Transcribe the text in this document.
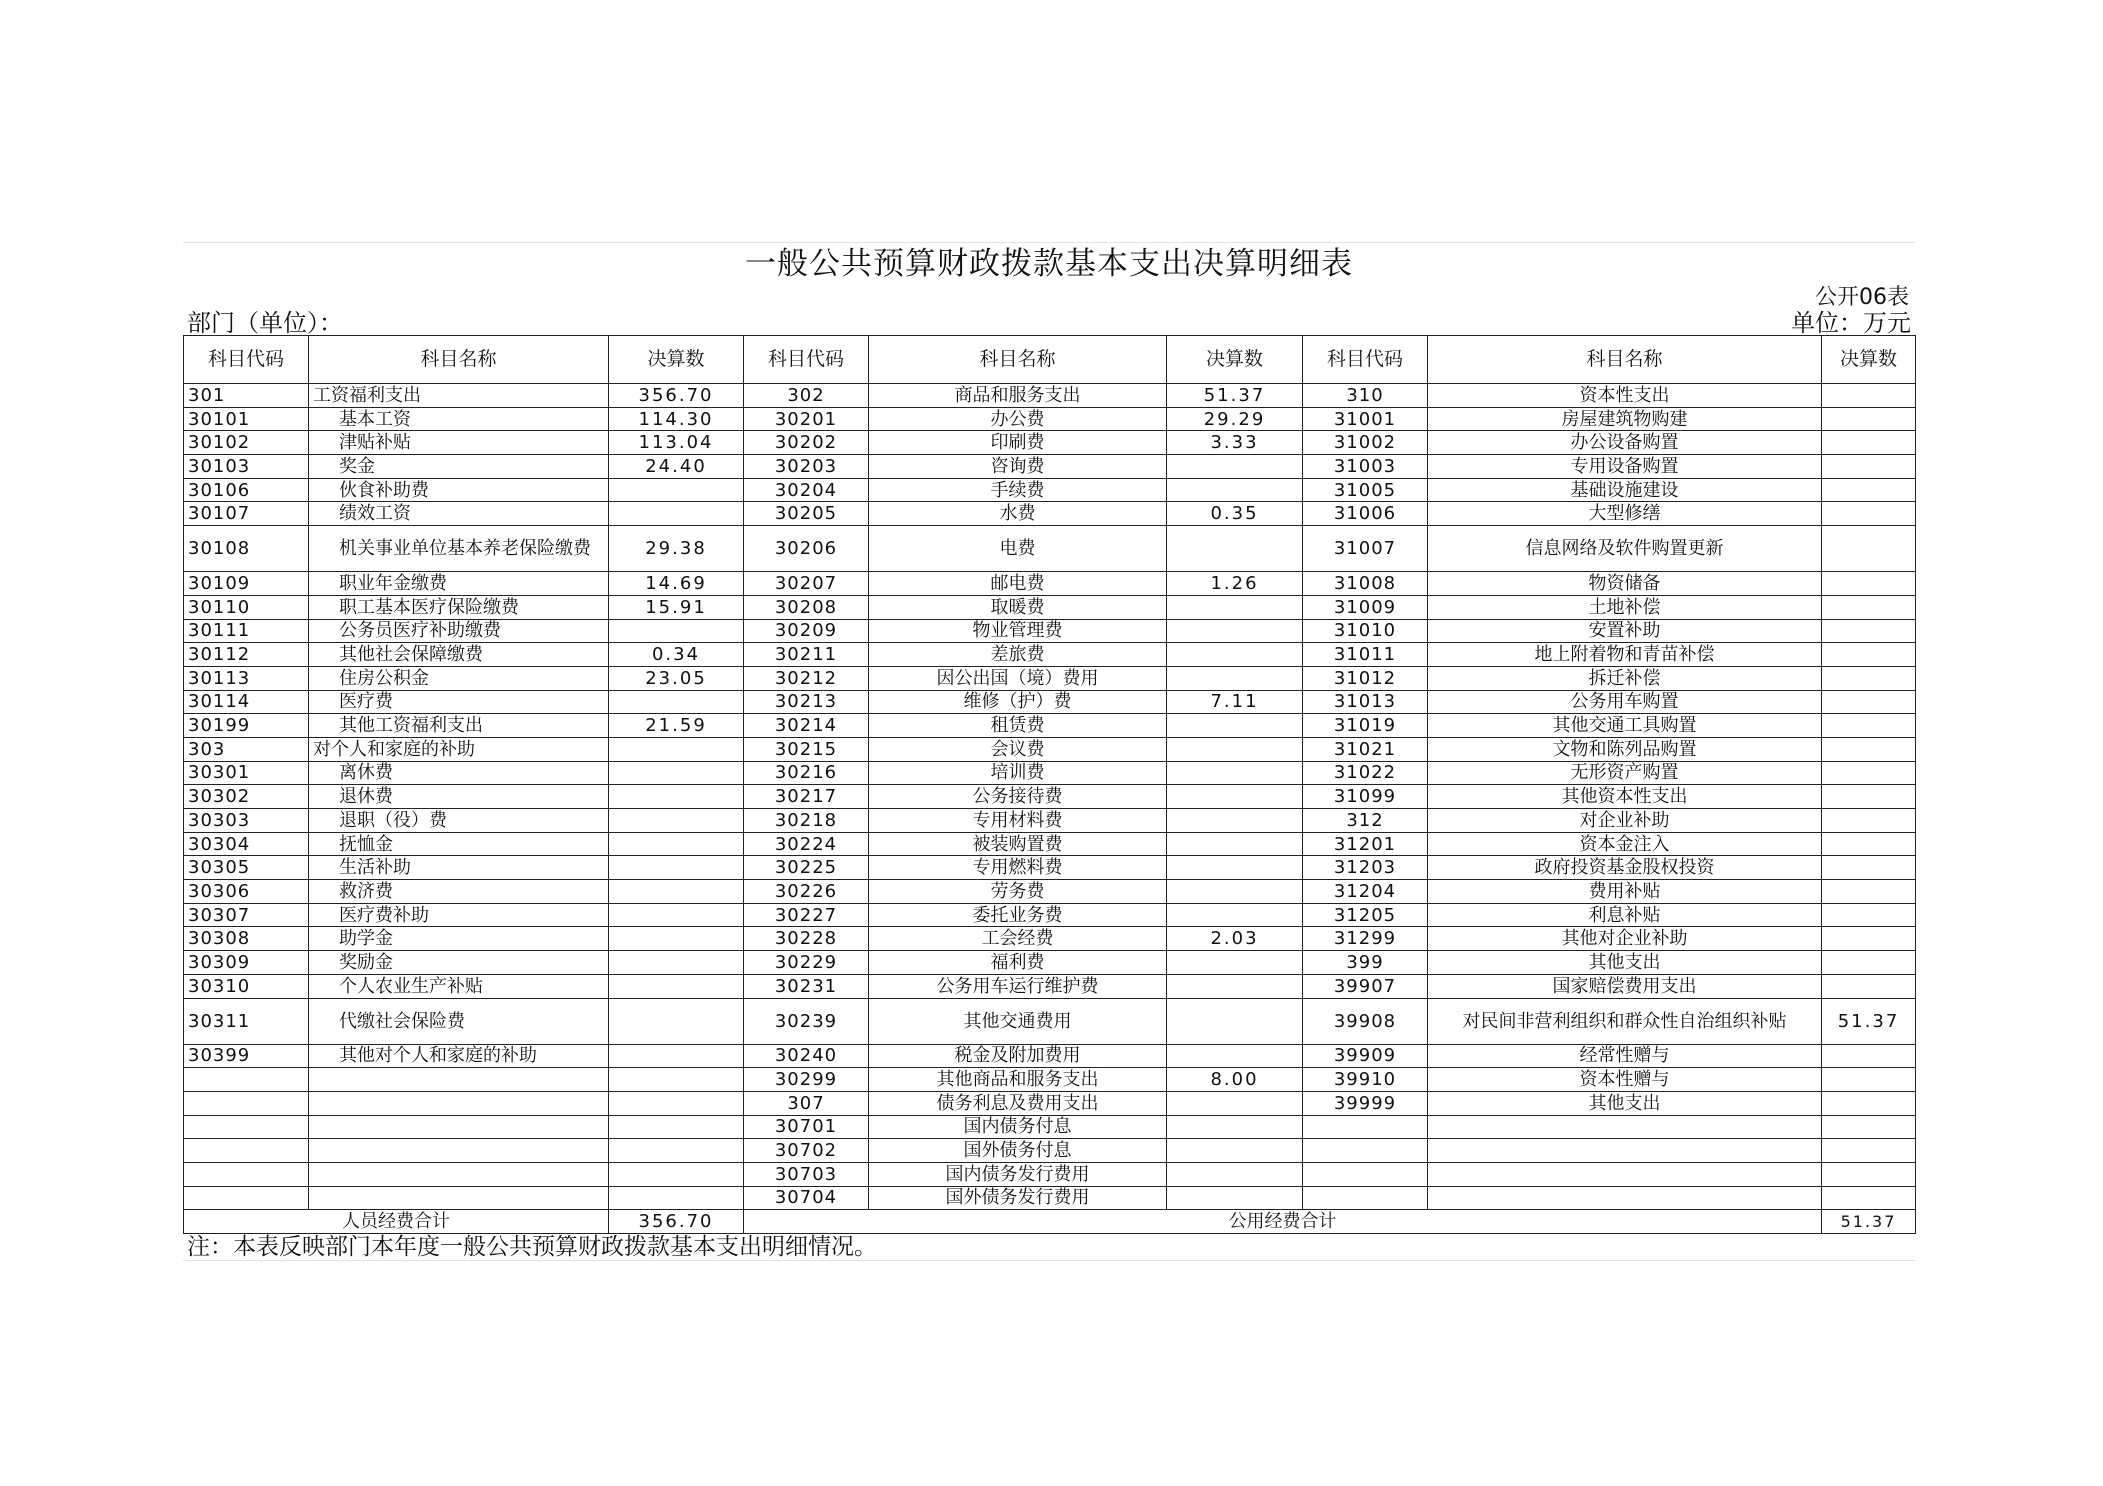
一般公共预算财政拨款基本支出决算明细表
公开06表
部门（单位）：	单位：万元
科目代码	科目名称	决算数	科目代码	科目名称	决算数	科目代码	科目名称	决算数
301	工资福利支出	356.70	302	商品和服务支出	51.37	310	资本性支出	
30101	基本工资	114.30	30201	办公费	29.29	31001	房屋建筑物购建	
30102	津贴补贴	113.04	30202	印刷费	3.33	31002	办公设备购置	
30103	奖金	24.40	30203	咨询费		31003	专用设备购置	
30106	伙食补助费		30204	手续费		31005	基础设施建设	
30107	绩效工资		30205	水费	0.35	31006	大型修缮	
30108	机关事业单位基本养老保险缴费	29.38	30206	电费		31007	信息网络及软件购置更新	
30109	职业年金缴费	14.69	30207	邮电费	1.26	31008	物资储备	
30110	职工基本医疗保险缴费	15.91	30208	取暖费		31009	土地补偿	
30111	公务员医疗补助缴费		30209	物业管理费		31010	安置补助	
30112	其他社会保障缴费	0.34	30211	差旅费		31011	地上附着物和青苗补偿	
30113	住房公积金	23.05	30212	因公出国（境）费用		31012	拆迁补偿	
30114	医疗费		30213	维修（护）费	7.11	31013	公务用车购置	
30199	其他工资福利支出	21.59	30214	租赁费		31019	其他交通工具购置	
303	对个人和家庭的补助		30215	会议费		31021	文物和陈列品购置	
30301	离休费		30216	培训费		31022	无形资产购置	
30302	退休费		30217	公务接待费		31099	其他资本性支出	
30303	退职（役）费		30218	专用材料费		312	对企业补助	
30304	抚恤金		30224	被装购置费		31201	资本金注入	
30305	生活补助		30225	专用燃料费		31203	政府投资基金股权投资	
30306	救济费		30226	劳务费		31204	费用补贴	
30307	医疗费补助		30227	委托业务费		31205	利息补贴	
30308	助学金		30228	工会经费	2.03	31299	其他对企业补助	
30309	奖励金		30229	福利费		399	其他支出	
30310	个人农业生产补贴		30231	公务用车运行维护费		39907	国家赔偿费用支出	
30311	代缴社会保险费		30239	其他交通费用		39908	对民间非营利组织和群众性自治组织补贴	51.37
30399	其他对个人和家庭的补助		30240	税金及附加费用		39909	经常性赠与	
			30299	其他商品和服务支出	8.00	39910	资本性赠与	
			307	债务利息及费用支出		39999	其他支出	
			30701	国内债务付息				
			30702	国外债务付息				
			30703	国内债务发行费用				
			30704	国外债务发行费用				
人员经费合计		356.70	公用经费合计					51.37
注：本表反映部门本年度一般公共预算财政拨款基本支出明细情况。
